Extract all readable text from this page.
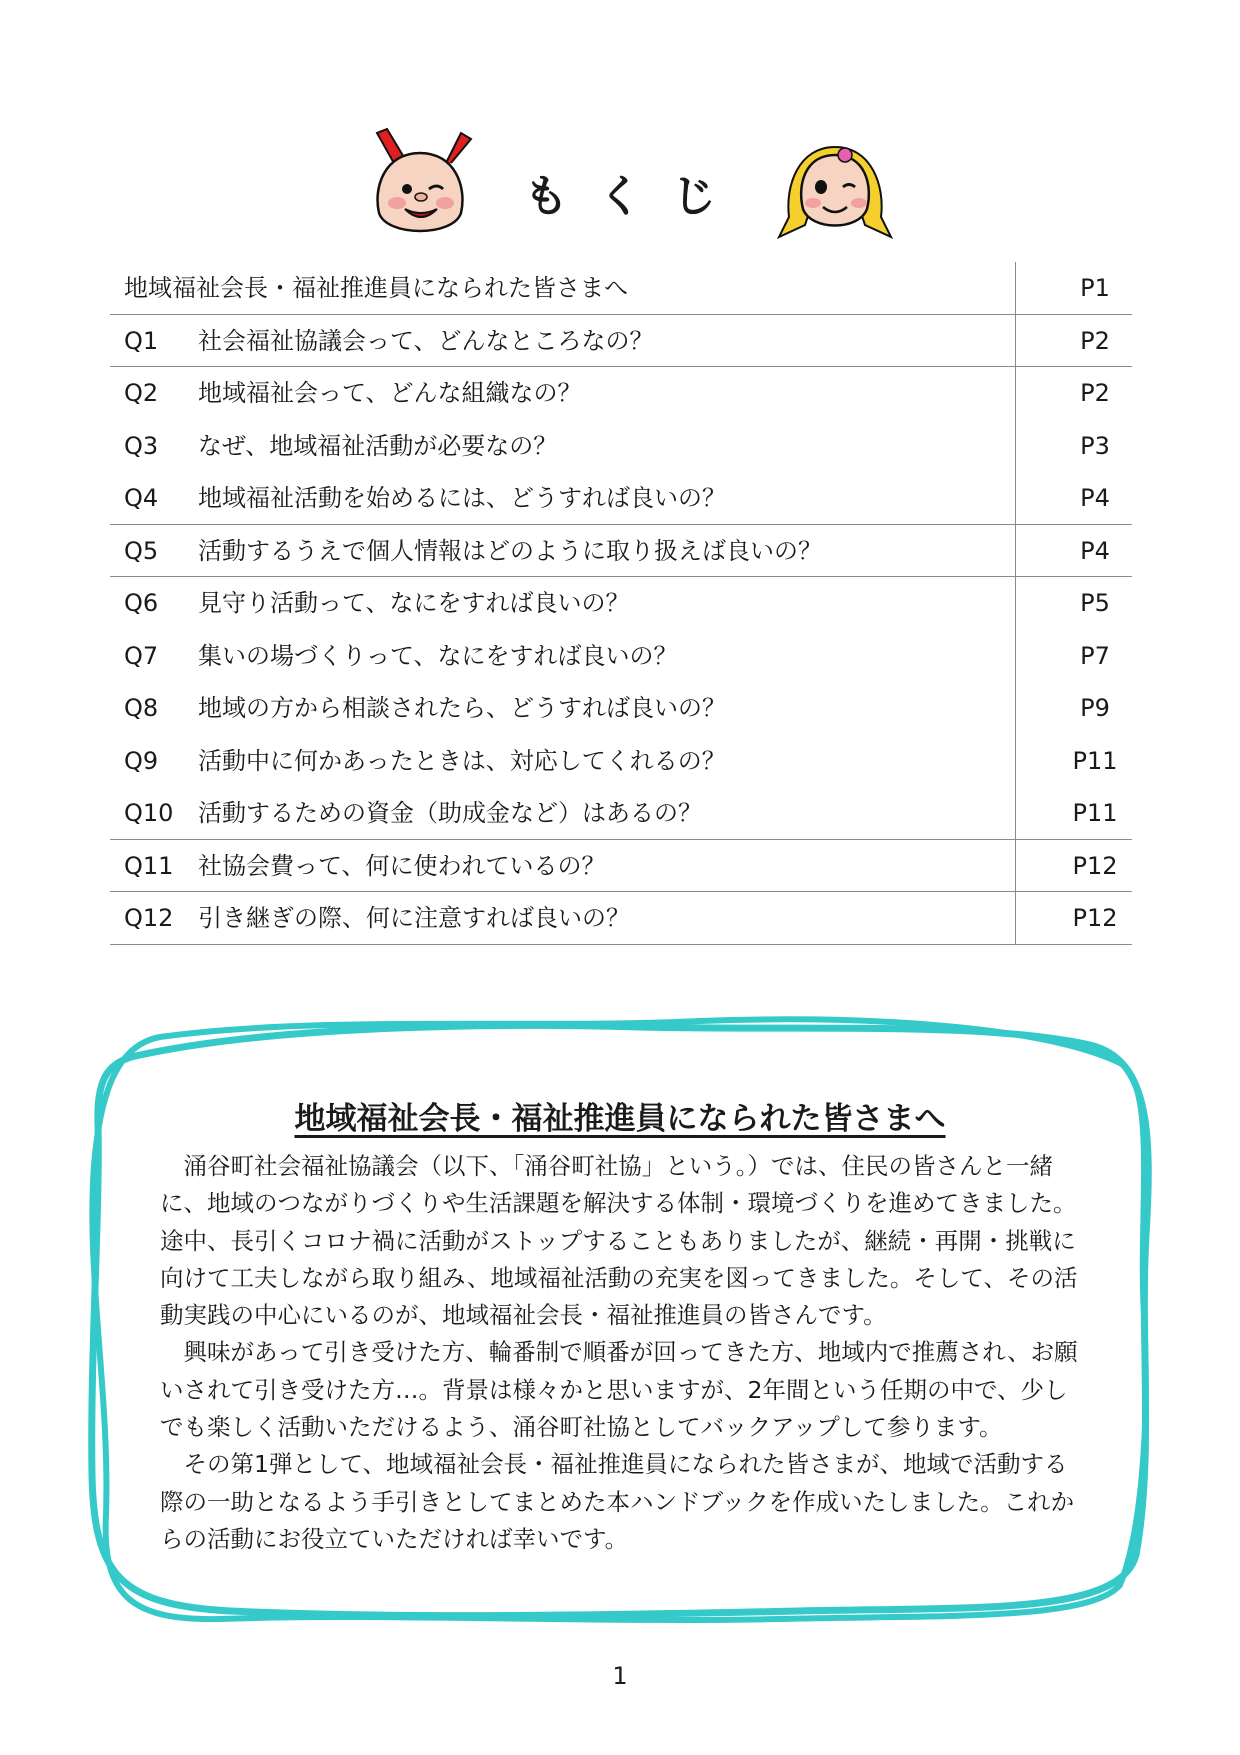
もくじ
地域福祉会長・福祉推進員になられた皆さまへ	P1
Q1 社会福祉協議会って、どんなところなの？	P2
Q2 地域福祉会って、どんな組織なの？	P2
Q3 なぜ、地域福祉活動が必要なの？	P3
Q4 地域福祉活動を始めるには、どうすれば良いの？	P4
Q5 活動するうえで個人情報はどのように取り扱えば良いの？	P4
Q6 見守り活動って、なにをすれば良いの？	P5
Q7 集いの場づくりって、なにをすれば良いの？	P7
Q8 地域の方から相談されたら、どうすれば良いの？	P9
Q9 活動中に何かあったときは、対応してくれるの？	P11
Q10 活動するための資金（助成金など）はあるの？	P11
Q11 社協会費って、何に使われているの？	P12
Q12 引き継ぎの際、何に注意すれば良いの？	P12
地域福祉会長・福祉推進員になられた皆さまへ

　涌谷町社会福祉協議会（以下、「涌谷町社協」という。）では、住民の皆さんと一緒に、地域のつながりづくりや生活課題を解決する体制・環境づくりを進めてきました。途中、長引くコロナ禍に活動がストップすることもありましたが、継続・再開・挑戦に向けて工夫しながら取り組み、地域福祉活動の充実を図ってきました。そして、その活動実践の中心にいるのが、地域福祉会長・福祉推進員の皆さんです。

　興味があって引き受けた方、輪番制で順番が回ってきた方、地域内で推薦され、お願いされて引き受けた方…。背景は様々かと思いますが、2年間という任期の中で、少しでも楽しく活動いただけるよう、涌谷町社協としてバックアップして参ります。

　その第1弾として、地域福祉会長・福祉推進員になられた皆さまが、地域で活動する際の一助となるよう手引きとしてまとめた本ハンドブックを作成いたしました。これからの活動にお役立ていただければ幸いです。

1
